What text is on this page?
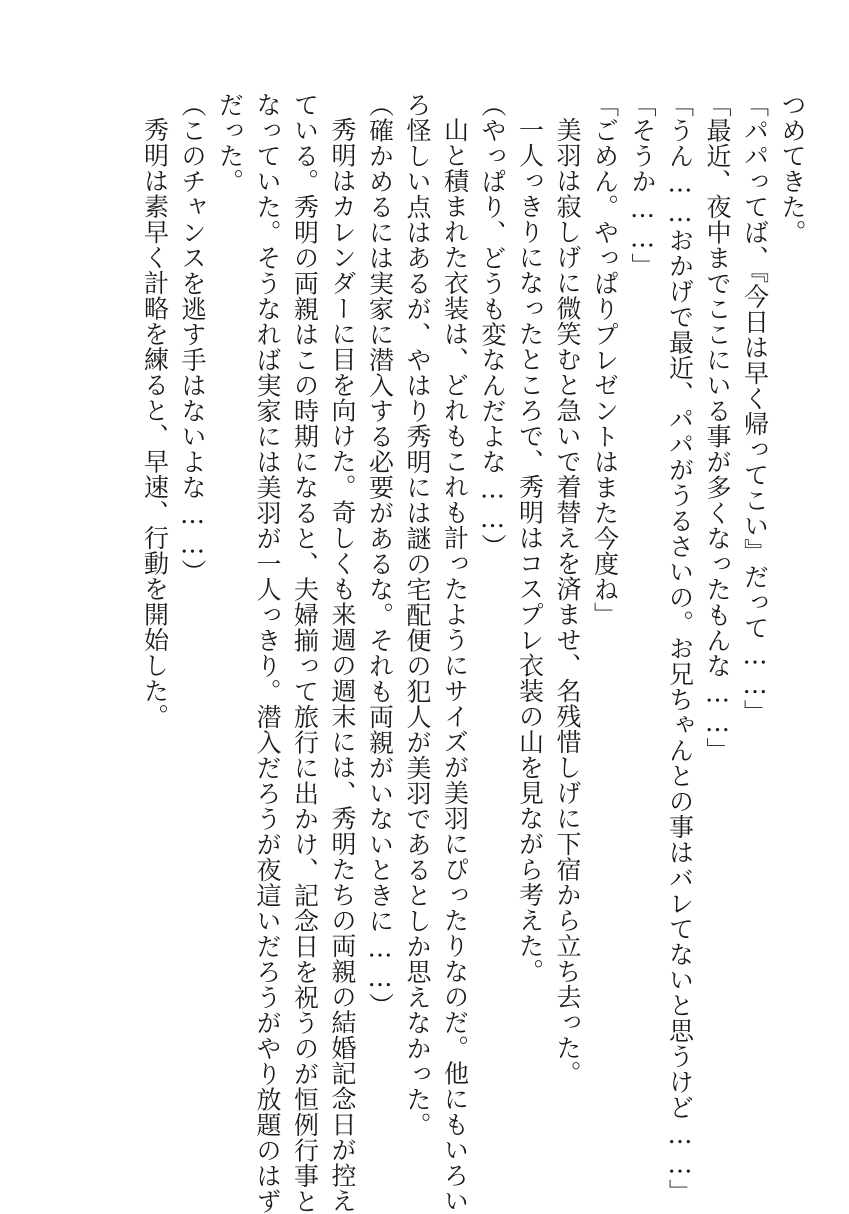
つめてきた。
「パパってば、『今日は早く帰ってこい』だって……」
「最近、夜中までここにいる事が多くなったもんな……」
「うん……おかげで最近、パパがうるさいの。お兄ちゃんとの事はバレてないと思うけど……」
「そうか……」
「ごめん。やっぱりプレゼントはまた今度ね」
美羽は寂しげに微笑むと急いで着替えを済ませ、名残惜しげに下宿から立ち去った。
一人っきりになったところで、秀明はコスプレ衣装の山を見ながら考えた。
（やっぱり、どうも変なんだよな……）
山と積まれた衣装は、どれもこれも計ったようにサイズが美羽にぴったりなのだ。他にもいろい
ろ怪しい点はあるが、やはり秀明には謎の宅配便の犯人が美羽であるとしか思えなかった。
（確かめるには実家に潜入する必要があるな。それも両親がいないときに……）
秀明はカレンダーに目を向けた。奇しくも来週の週末には、秀明たちの両親の結婚記念日が控え
ている。秀明の両親はこの時期になると、夫婦揃って旅行に出かけ、記念日を祝うのが恒例行事と
なっていた。そうなれば実家には美羽が一人っきり。潜入だろうが夜這いだろうがやり放題のはず
だった。
（このチャンスを逃す手はないよな……）
秀明は素早く計略を練ると、早速、行動を開始した。
